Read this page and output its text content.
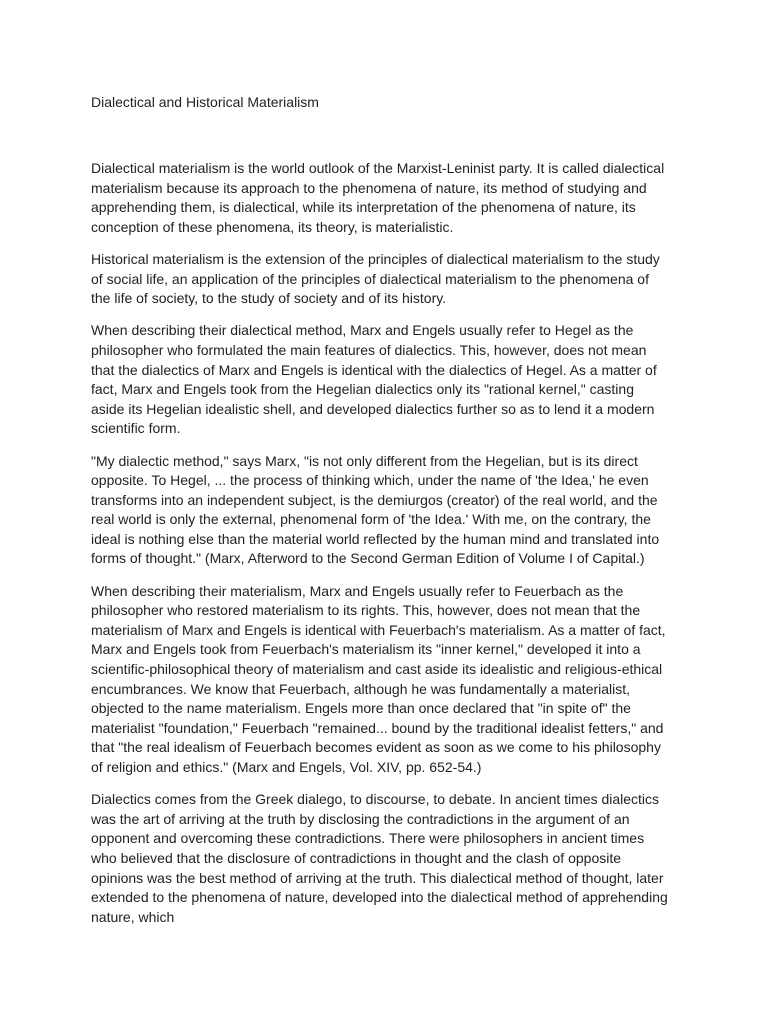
Dialectical and Historical Materialism

Dialectical materialism is the world outlook of the Marxist-Leninist party. It is called dialectical materialism because its approach to the phenomena of nature, its method of studying and apprehending them, is dialectical, while its interpretation of the phenomena of nature, its conception of these phenomena, its theory, is materialistic.

Historical materialism is the extension of the principles of dialectical materialism to the study of social life, an application of the principles of dialectical materialism to the phenomena of the life of society, to the study of society and of its history.

When describing their dialectical method, Marx and Engels usually refer to Hegel as the philosopher who formulated the main features of dialectics. This, however, does not mean that the dialectics of Marx and Engels is identical with the dialectics of Hegel. As a matter of fact, Marx and Engels took from the Hegelian dialectics only its "rational kernel," casting aside its Hegelian idealistic shell, and developed dialectics further so as to lend it a modern scientific form.

"My dialectic method," says Marx, "is not only different from the Hegelian, but is its direct opposite. To Hegel, ... the process of thinking which, under the name of 'the Idea,' he even transforms into an independent subject, is the demiurgos (creator) of the real world, and the real world is only the external, phenomenal form of 'the Idea.' With me, on the contrary, the ideal is nothing else than the material world reflected by the human mind and translated into forms of thought." (Marx, Afterword to the Second German Edition of Volume I of Capital.)

When describing their materialism, Marx and Engels usually refer to Feuerbach as the philosopher who restored materialism to its rights. This, however, does not mean that the materialism of Marx and Engels is identical with Feuerbach's materialism. As a matter of fact, Marx and Engels took from Feuerbach's materialism its "inner kernel," developed it into a scientific-philosophical theory of materialism and cast aside its idealistic and religious-ethical encumbrances. We know that Feuerbach, although he was fundamentally a materialist, objected to the name materialism. Engels more than once declared that "in spite of" the materialist "foundation," Feuerbach "remained... bound by the traditional idealist fetters," and that "the real idealism of Feuerbach becomes evident as soon as we come to his philosophy of religion and ethics." (Marx and Engels, Vol. XIV, pp. 652-54.)

Dialectics comes from the Greek dialego, to discourse, to debate. In ancient times dialectics was the art of arriving at the truth by disclosing the contradictions in the argument of an opponent and overcoming these contradictions. There were philosophers in ancient times who believed that the disclosure of contradictions in thought and the clash of opposite opinions was the best method of arriving at the truth. This dialectical method of thought, later extended to the phenomena of nature, developed into the dialectical method of apprehending nature, which
